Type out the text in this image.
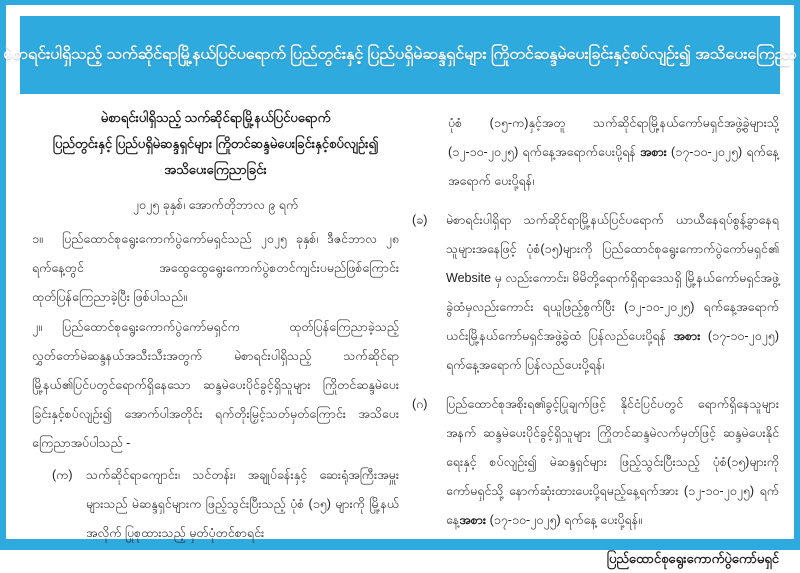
မဲစာရင်းပါရှိသည့် သက်ဆိုင်ရာမြို့နယ်ပြင်ပရောက် ပြည်တွင်းနှင့် ပြည်ပရှိမဲဆန္ဒရှင်များ ကြိုတင်ဆန္ဒမဲပေးခြင်းနှင့်စပ်လျဉ်း၍ အသိပေးကြေညာ
မဲစာရင်းပါရှိသည့် သက်ဆိုင်ရာမြို့နယ်ပြင်ပရောက်
ပြည်တွင်းနှင့် ပြည်ပရှိမဲဆန္ဒရှင်များ ကြိုတင်ဆန္ဒမဲပေးခြင်းနှင့်စပ်လျဉ်း၍
အသိပေးကြေညာခြင်း
၂၀၂၅ ခုနှစ်၊ အောက်တိုဘာလ ၉ ရက်

၁။ ပြည်ထောင်စုရွေးကောက်ပွဲကော်မရှင်သည် ၂၀၂၅ ခုနှစ်၊ ဒီဇင်ဘာလ ၂၈ ရက်နေ့တွင် အထွေထွေရွေးကောက်ပွဲစတင်ကျင်းပမည်ဖြစ်ကြောင်း ထုတ်ပြန်ကြေညာခဲ့ပြီး ဖြစ်ပါသည်။

၂။ ပြည်ထောင်စုရွေးကောက်ပွဲကော်မရှင်က ထုတ်ပြန်ကြေညာခဲ့သည့် လွှတ်တော်မဲဆန္ဒနယ်အသီးသီးအတွက် မဲစာရင်းပါရှိသည့် သက်ဆိုင်ရာမြို့နယ်၏ပြင်ပတွင်ရောက်ရှိနေသော ဆန္ဒမဲပေးပိုင်ခွင့်ရှိသူများ ကြိုတင်ဆန္ဒမဲပေးခြင်းနှင့်စပ်လျဉ်း၍ အောက်ပါအတိုင်း ရက်တိုးမြှင့်သတ်မှတ်ကြောင်း အသိပေးကြေညာအပ်ပါသည် -

(က)	သက်ဆိုင်ရာကျောင်း၊ သင်တန်း၊ အချုပ်ခန်းနှင့် ဆေးရုံအကြီးအမှူးများသည် မဲဆန္ဒရှင်များက ဖြည့်သွင်းပြီးသည့် ပုံစံ (၁၅) များကို မြို့နယ်အလိုက် ပြုစုထားသည့် မှတ်ပုံတင်စာရင်း
ပုံစံ (၁၅-က)နှင့်အတူ သက်ဆိုင်ရာမြို့နယ်ကော်မရှင်အဖွဲ့ခွဲများသို့ (၁၂-၁၀-၂၀၂၅) ရက်နေ့အရောက်ပေးပို့ရန် အစား (၁၇-၁၀-၂၀၂၅) ရက်နေ့အရောက် ပေးပို့ရန်၊
(ခ)	မဲစာရင်းပါရှိရာ သက်ဆိုင်ရာမြို့နယ်ပြင်ပရောက် ယာယီနေရပ်စွန့်ခွာနေရသူများအနေဖြင့် ပုံစံ(၁၅)များကို ပြည်ထောင်စုရွေးကောက်ပွဲကော်မရှင်၏ Website မှ လည်းကောင်း၊ မိမိတို့ရောက်ရှိရာဒေသရှိ မြို့နယ်ကော်မရှင်အဖွဲ့ခွဲထံမှလည်းကောင်း ရယူဖြည့်စွက်ပြီး (၁၂-၁၀-၂၀၂၅) ရက်နေ့အရောက် ယင်းမြို့နယ်ကော်မရှင်အဖွဲ့ခွဲထံ ပြန်လည်ပေးပို့ရန် အစား (၁၇-၁၀-၂၀၂၅) ရက်နေ့အရောက် ပြန်လည်ပေးပို့ရန်၊
(ဂ)	ပြည်ထောင်စုအစိုးရ၏ခွင့်ပြုချက်ဖြင့် နိုင်ငံပြင်ပတွင် ရောက်ရှိနေသူများအနက် ဆန္ဒမဲပေးပိုင်ခွင့်ရှိသူများ ကြိုတင်ဆန္ဒမဲလက်မှတ်ဖြင့် ဆန္ဒမဲပေးနိုင်ရေးနှင့် စပ်လျဉ်း၍ မဲဆန္ဒရှင်များ ဖြည့်သွင်းပြီးသည့် ပုံစံ(၁၅)များကို ကော်မရှင်သို့ နောက်ဆုံးထားပေးပို့ရမည့်နေ့ရက်အား (၁၂-၁၀-၂၀၂၅) ရက်နေ့အစား (၁၇-၁၀-၂၀၂၅) ရက်နေ့ ပေးပို့ရန်။
ပြည်ထောင်စုရွေးကောက်ပွဲကော်မရှင်
